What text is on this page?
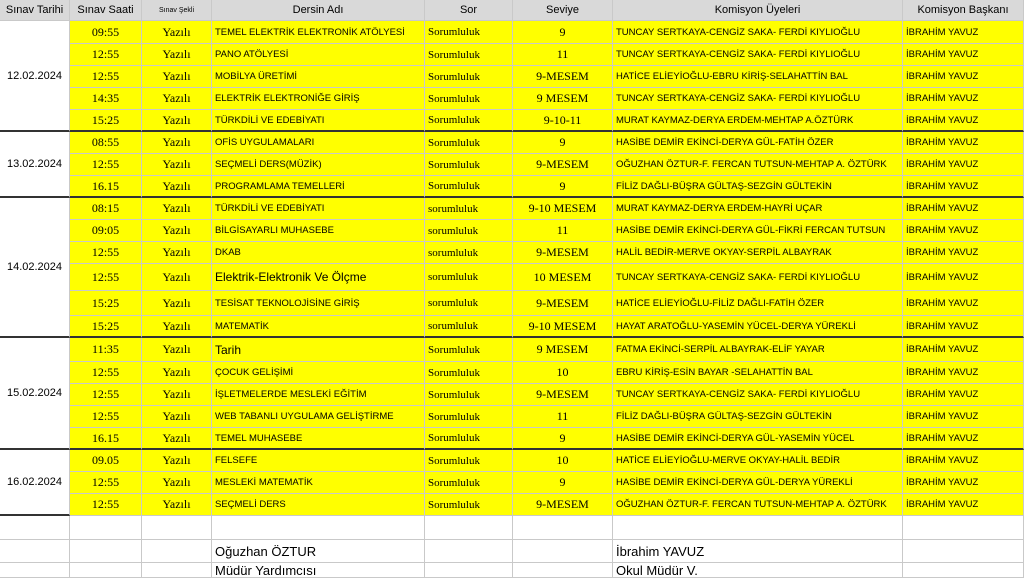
Sınav Tarihi	Sınav Saati	Sınav Şekli	Dersin Adı	Sor	Seviye	Komisyon Üyeleri	Komisyon Başkanı
12.02.2024
09:55	Yazılı	TEMEL ELEKTRİK ELEKTRONİK ATÖLYESİ	Sorumluluk	9	TUNCAY SERTKAYA-CENGİZ SAKA- FERDİ KIYLIOĞLU	İBRAHİM YAVUZ
12:55	Yazılı	PANO ATÖLYESİ	Sorumluluk	11	TUNCAY SERTKAYA-CENGİZ SAKA- FERDİ KIYLIOĞLU	İBRAHİM YAVUZ
12:55	Yazılı	MOBİLYA ÜRETİMİ	Sorumluluk	9-MESEM	HATİCE ELİEYİOĞLU-EBRU KİRİŞ-SELAHATTİN BAL	İBRAHİM YAVUZ
14:35	Yazılı	ELEKTRİK ELEKTRONİĞE GİRİŞ	Sorumluluk	9 MESEM	TUNCAY SERTKAYA-CENGİZ SAKA- FERDİ KIYLIOĞLU	İBRAHİM YAVUZ
15:25	Yazılı	TÜRKDİLİ VE EDEBİYATI	Sorumluluk	9-10-11	MURAT KAYMAZ-DERYA ERDEM-MEHTAP A.ÖZTÜRK	İBRAHİM YAVUZ
13.02.2024
08:55	Yazılı	OFİS UYGULAMALARI	Sorumluluk	9	HASİBE DEMİR EKİNCİ-DERYA GÜL-FATİH ÖZER	İBRAHİM YAVUZ
12:55	Yazılı	SEÇMELİ DERS(MÜZİK)	Sorumluluk	9-MESEM	OĞUZHAN ÖZTUR-F. FERCAN TUTSUN-MEHTAP A. ÖZTÜRK	İBRAHİM YAVUZ
16.15	Yazılı	PROGRAMLAMA TEMELLERİ	Sorumluluk	9	FİLİZ DAĞLI-BÜŞRA GÜLTAŞ-SEZGİN GÜLTEKİN	İBRAHİM YAVUZ
14.02.2024
08:15	Yazılı	TÜRKDİLİ VE EDEBİYATI	sorumluluk	9-10 MESEM	MURAT KAYMAZ-DERYA ERDEM-HAYRİ UÇAR	İBRAHİM YAVUZ
09:05	Yazılı	BİLGİSAYARLI MUHASEBE	sorumluluk	11	HASİBE DEMİR EKİNCİ-DERYA GÜL-FİKRİ FERCAN TUTSUN	İBRAHİM YAVUZ
12:55	Yazılı	DKAB	sorumluluk	9-MESEM	HALİL BEDİR-MERVE OKYAY-SERPİL ALBAYRAK	İBRAHİM YAVUZ
12:55	Yazılı	Elektrik-Elektronik Ve Ölçme	sorumluluk	10 MESEM	TUNCAY SERTKAYA-CENGİZ SAKA- FERDİ KIYLIOĞLU	İBRAHİM YAVUZ
15:25	Yazılı	TESİSAT TEKNOLOJİSİNE GİRİŞ	sorumluluk	9-MESEM	HATİCE ELİEYİOĞLU-FİLİZ DAĞLI-FATİH ÖZER	İBRAHİM YAVUZ
15:25	Yazılı	MATEMATİK	sorumluluk	9-10 MESEM	HAYAT ARATOĞLU-YASEMİN YÜCEL-DERYA YÜREKLİ	İBRAHİM YAVUZ
15.02.2024
11:35	Yazılı	Tarih	Sorumluluk	9 MESEM	FATMA EKİNCİ-SERPİL ALBAYRAK-ELİF YAYAR	İBRAHİM YAVUZ
12:55	Yazılı	ÇOCUK GELİŞİMİ	Sorumluluk	10	EBRU KİRİŞ-ESİN BAYAR -SELAHATTİN BAL	İBRAHİM YAVUZ
12:55	Yazılı	İŞLETMELERDE MESLEKİ EĞİTİM	Sorumluluk	9-MESEM	TUNCAY SERTKAYA-CENGİZ SAKA- FERDİ KIYLIOĞLU	İBRAHİM YAVUZ
12:55	Yazılı	WEB TABANLI UYGULAMA GELİŞTİRME	Sorumluluk	11	FİLİZ DAĞLI-BÜŞRA GÜLTAŞ-SEZGİN GÜLTEKİN	İBRAHİM YAVUZ
16.15	Yazılı	TEMEL MUHASEBE	Sorumluluk	9	HASİBE DEMİR EKİNCİ-DERYA GÜL-YASEMİN YÜCEL	İBRAHİM YAVUZ
16.02.2024
09.05	Yazılı	FELSEFE	Sorumluluk	10	HATİCE ELİEYİOĞLU-MERVE OKYAY-HALİL BEDİR	İBRAHİM YAVUZ
12:55	Yazılı	MESLEKİ MATEMATİK	Sorumluluk	9	HASİBE DEMİR EKİNCİ-DERYA GÜL-DERYA YÜREKLİ	İBRAHİM YAVUZ
12:55	Yazılı	SEÇMELİ DERS	Sorumluluk	9-MESEM	OĞUZHAN ÖZTUR-F. FERCAN TUTSUN-MEHTAP A. ÖZTÜRK	İBRAHİM YAVUZ
Oğuzhan ÖZTUR	İbrahim YAVUZ
Müdür Yardımcısı	Okul Müdür V.
